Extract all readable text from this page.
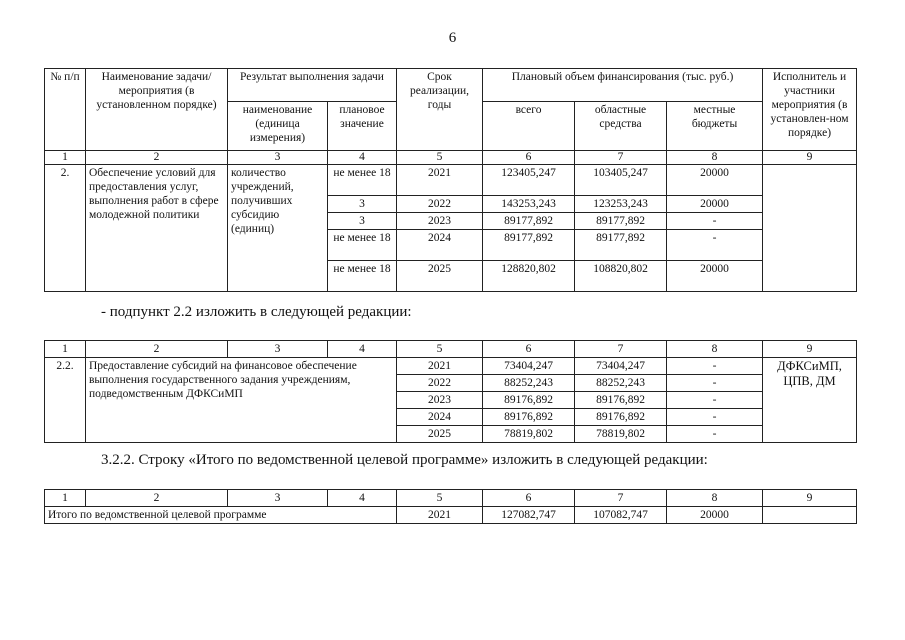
6
№ п/п	Наименование задачи/мероприятия (в установленном порядке)	Результат выполнения задачи		Срок реализации, годы	Плановый объем финансирования (тыс. руб.)			Исполнитель и участники мероприятия (в установлен-ном порядке)
		наименование (единица измерения)	плановое значение		всего	областные средства	местные бюджеты	
1	2	3	4	5	6	7	8	9
2.	Обеспечение условий для предоставления услуг, выполнения работ в сфере молодежной политики	количество учреждений, получивших субсидию (единиц)	не менее 18	2021	123405,247	103405,247	20000	
			3	2022	143253,243	123253,243	20000	
			3	2023	89177,892	89177,892	-	
			не менее 18	2024	89177,892	89177,892	-	
			не менее 18	2025	128820,802	108820,802	20000	
- подпункт 2.2 изложить в следующей редакции:
1	2	3	4	5	6	7	8	9
2.2.	Предоставление субсидий на финансовое обеспечение выполнения государственного задания учреждениям, подведомственным ДФКСиМП			2021	73404,247	73404,247	-	ДФКСиМП, ЦПВ, ДМ
				2022	88252,243	88252,243	-	
				2023	89176,892	89176,892	-	
				2024	89176,892	89176,892	-	
				2025	78819,802	78819,802	-	
3.2.2. Строку «Итого по ведомственной целевой программе» изложить в следующей редакции:
1	2	3	4	5	6	7	8	9
Итого по ведомственной целевой программе				2021	127082,747	107082,747	20000	
